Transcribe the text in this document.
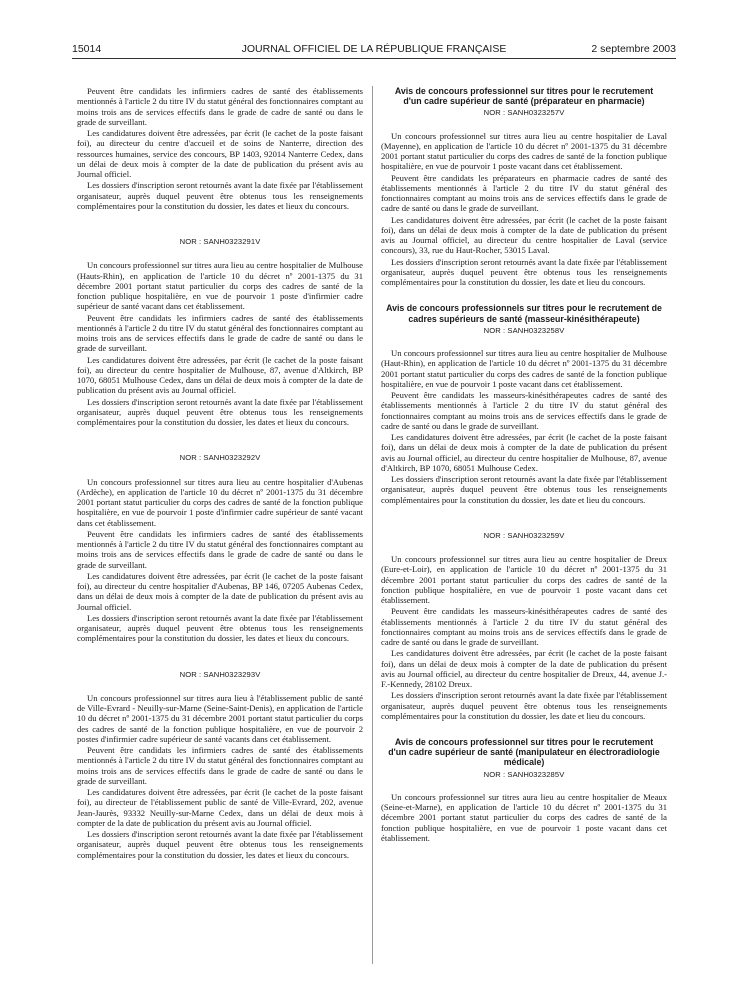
15014	JOURNAL OFFICIEL DE LA RÉPUBLIQUE FRANÇAISE	2 septembre 2003

Peuvent être candidats les infirmiers cadres de santé des établissements mentionnés à l'article 2 du titre IV du statut général des fonctionnaires comptant au moins trois ans de services effectifs dans le grade de cadre de santé ou dans le grade de surveillant.

Les candidatures doivent être adressées, par écrit (le cachet de la poste faisant foi), au directeur du centre d'accueil et de soins de Nanterre, direction des ressources humaines, service des concours, BP 1403, 92014 Nanterre Cedex, dans un délai de deux mois à compter de la date de publication du présent avis au Journal officiel.

Les dossiers d'inscription seront retournés avant la date fixée par l'établissement organisateur, auprès duquel peuvent être obtenus tous les renseignements complémentaires pour la constitution du dossier, les dates et lieux du concours.

NOR : SANH0323291V

Un concours professionnel sur titres aura lieu au centre hospitalier de Mulhouse (Hauts-Rhin), en application de l'article 10 du décret nº 2001-1375 du 31 décembre 2001 portant statut particulier du corps des cadres de santé de la fonction publique hospitalière, en vue de pourvoir 1 poste d'infirmier cadre supérieur de santé vacant dans cet établissement.

Peuvent être candidats les infirmiers cadres de santé des établissements mentionnés à l'article 2 du titre IV du statut général des fonctionnaires comptant au moins trois ans de services effectifs dans le grade de cadre de santé ou dans le grade de surveillant.

Les candidatures doivent être adressées, par écrit (le cachet de la poste faisant foi), au directeur du centre hospitalier de Mulhouse, 87, avenue d'Altkirch, BP 1070, 68051 Mulhouse Cedex, dans un délai de deux mois à compter de la date de publication du présent avis au Journal officiel.

Les dossiers d'inscription seront retournés avant la date fixée par l'établissement organisateur, auprès duquel peuvent être obtenus tous les renseignements complémentaires pour la constitution du dossier, les dates et lieux du concours.

NOR : SANH0323292V

Un concours professionnel sur titres aura lieu au centre hospitalier d'Aubenas (Ardèche), en application de l'article 10 du décret nº 2001-1375 du 31 décembre 2001 portant statut particulier du corps des cadres de santé de la fonction publique hospitalière, en vue de pourvoir 1 poste d'infirmier cadre supérieur de santé vacant dans cet établissement.

Peuvent être candidats les infirmiers cadres de santé des établissements mentionnés à l'article 2 du titre IV du statut général des fonctionnaires comptant au moins trois ans de services effectifs dans le grade de cadre de santé ou dans le grade de surveillant.

Les candidatures doivent être adressées, par écrit (le cachet de la poste faisant foi), au directeur du centre hospitalier d'Aubenas, BP 146, 07205 Aubenas Cedex, dans un délai de deux mois à compter de la date de publication du présent avis au Journal officiel.

Les dossiers d'inscription seront retournés avant la date fixée par l'établissement organisateur, auprès duquel peuvent être obtenus tous les renseignements complémentaires pour la constitution du dossier, les dates et lieux du concours.

NOR : SANH0323293V

Un concours professionnel sur titres aura lieu à l'établissement public de santé de Ville-Evrard - Neuilly-sur-Marne (Seine-Saint-Denis), en application de l'article 10 du décret nº 2001-1375 du 31 décembre 2001 portant statut particulier du corps des cadres de santé de la fonction publique hospitalière, en vue de pourvoir 2 postes d'infirmier cadre supérieur de santé vacants dans cet établissement.

Peuvent être candidats les infirmiers cadres de santé des établissements mentionnés à l'article 2 du titre IV du statut général des fonctionnaires comptant au moins trois ans de services effectifs dans le grade de cadre de santé ou dans le grade de surveillant.

Les candidatures doivent être adressées, par écrit (le cachet de la poste faisant foi), au directeur de l'établissement public de santé de Ville-Evrard, 202, avenue Jean-Jaurès, 93332 Neuilly-sur-Marne Cedex, dans un délai de deux mois à compter de la date de publication du présent avis au Journal officiel.

Les dossiers d'inscription seront retournés avant la date fixée par l'établissement organisateur, auprès duquel peuvent être obtenus tous les renseignements complémentaires pour la constitution du dossier, les dates et lieux du concours.

Avis de concours professionnel sur titres pour le recrutement d'un cadre supérieur de santé (préparateur en pharmacie)
NOR : SANH0323257V

Un concours professionnel sur titres aura lieu au centre hospitalier de Laval (Mayenne), en application de l'article 10 du décret nº 2001-1375 du 31 décembre 2001 portant statut particulier du corps des cadres de santé de la fonction publique hospitalière, en vue de pourvoir 1 poste vacant dans cet établissement.

Peuvent être candidats les préparateurs en pharmacie cadres de santé des établissements mentionnés à l'article 2 du titre IV du statut général des fonctionnaires comptant au moins trois ans de services effectifs dans le grade de cadre de santé ou dans le grade de surveillant.

Les candidatures doivent être adressées, par écrit (le cachet de la poste faisant foi), dans un délai de deux mois à compter de la date de publication du présent avis au Journal officiel, au directeur du centre hospitalier de Laval (service concours), 33, rue du Haut-Rocher, 53015 Laval.

Les dossiers d'inscription seront retournés avant la date fixée par l'établissement organisateur, auprès duquel peuvent être obtenus tous les renseignements complémentaires pour la constitution du dossier, les date et lieu du concours.

Avis de concours professionnels sur titres pour le recrutement de cadres supérieurs de santé (masseur-kinésithérapeute)
NOR : SANH0323258V

Un concours professionnel sur titres aura lieu au centre hospitalier de Mulhouse (Haut-Rhin), en application de l'article 10 du décret nº 2001-1375 du 31 décembre 2001 portant statut particulier du corps des cadres de santé de la fonction publique hospitalière, en vue de pourvoir 1 poste vacant dans cet établissement.

Peuvent être candidats les masseurs-kinésithérapeutes cadres de santé des établissements mentionnés à l'article 2 du titre IV du statut général des fonctionnaires comptant au moins trois ans de services effectifs dans le grade de cadre de santé ou dans le grade de surveillant.

Les candidatures doivent être adressées, par écrit (le cachet de la poste faisant foi), dans un délai de deux mois à compter de la date de publication du présent avis au Journal officiel, au directeur du centre hospitalier de Mulhouse, 87, avenue d'Altkirch, BP 1070, 68051 Mulhouse Cedex.

Les dossiers d'inscription seront retournés avant la date fixée par l'établissement organisateur, auprès duquel peuvent être obtenus tous les renseignements complémentaires pour la constitution du dossier, les date et lieu du concours.

NOR : SANH0323259V

Un concours professionnel sur titres aura lieu au centre hospitalier de Dreux (Eure-et-Loir), en application de l'article 10 du décret nº 2001-1375 du 31 décembre 2001 portant statut particulier du corps des cadres de santé de la fonction publique hospitalière, en vue de pourvoir 1 poste vacant dans cet établissement.

Peuvent être candidats les masseurs-kinésithérapeutes cadres de santé des établissements mentionnés à l'article 2 du titre IV du statut général des fonctionnaires comptant au moins trois ans de services effectifs dans le grade de cadre de santé ou dans le grade de surveillant.

Les candidatures doivent être adressées, par écrit (le cachet de la poste faisant foi), dans un délai de deux mois à compter de la date de publication du présent avis au Journal officiel, au directeur du centre hospitalier de Dreux, 44, avenue J.-F.-Kennedy, 28102 Dreux.

Les dossiers d'inscription seront retournés avant la date fixée par l'établissement organisateur, auprès duquel peuvent être obtenus tous les renseignements complémentaires pour la constitution du dossier, les date et lieu du concours.

Avis de concours professionnel sur titres pour le recrutement d'un cadre supérieur de santé (manipulateur en électroradiologie médicale)
NOR : SANH0323285V

Un concours professionnel sur titres aura lieu au centre hospitalier de Meaux (Seine-et-Marne), en application de l'article 10 du décret nº 2001-1375 du 31 décembre 2001 portant statut particulier du corps des cadres de santé de la fonction publique hospitalière, en vue de pourvoir 1 poste vacant dans cet établissement.
